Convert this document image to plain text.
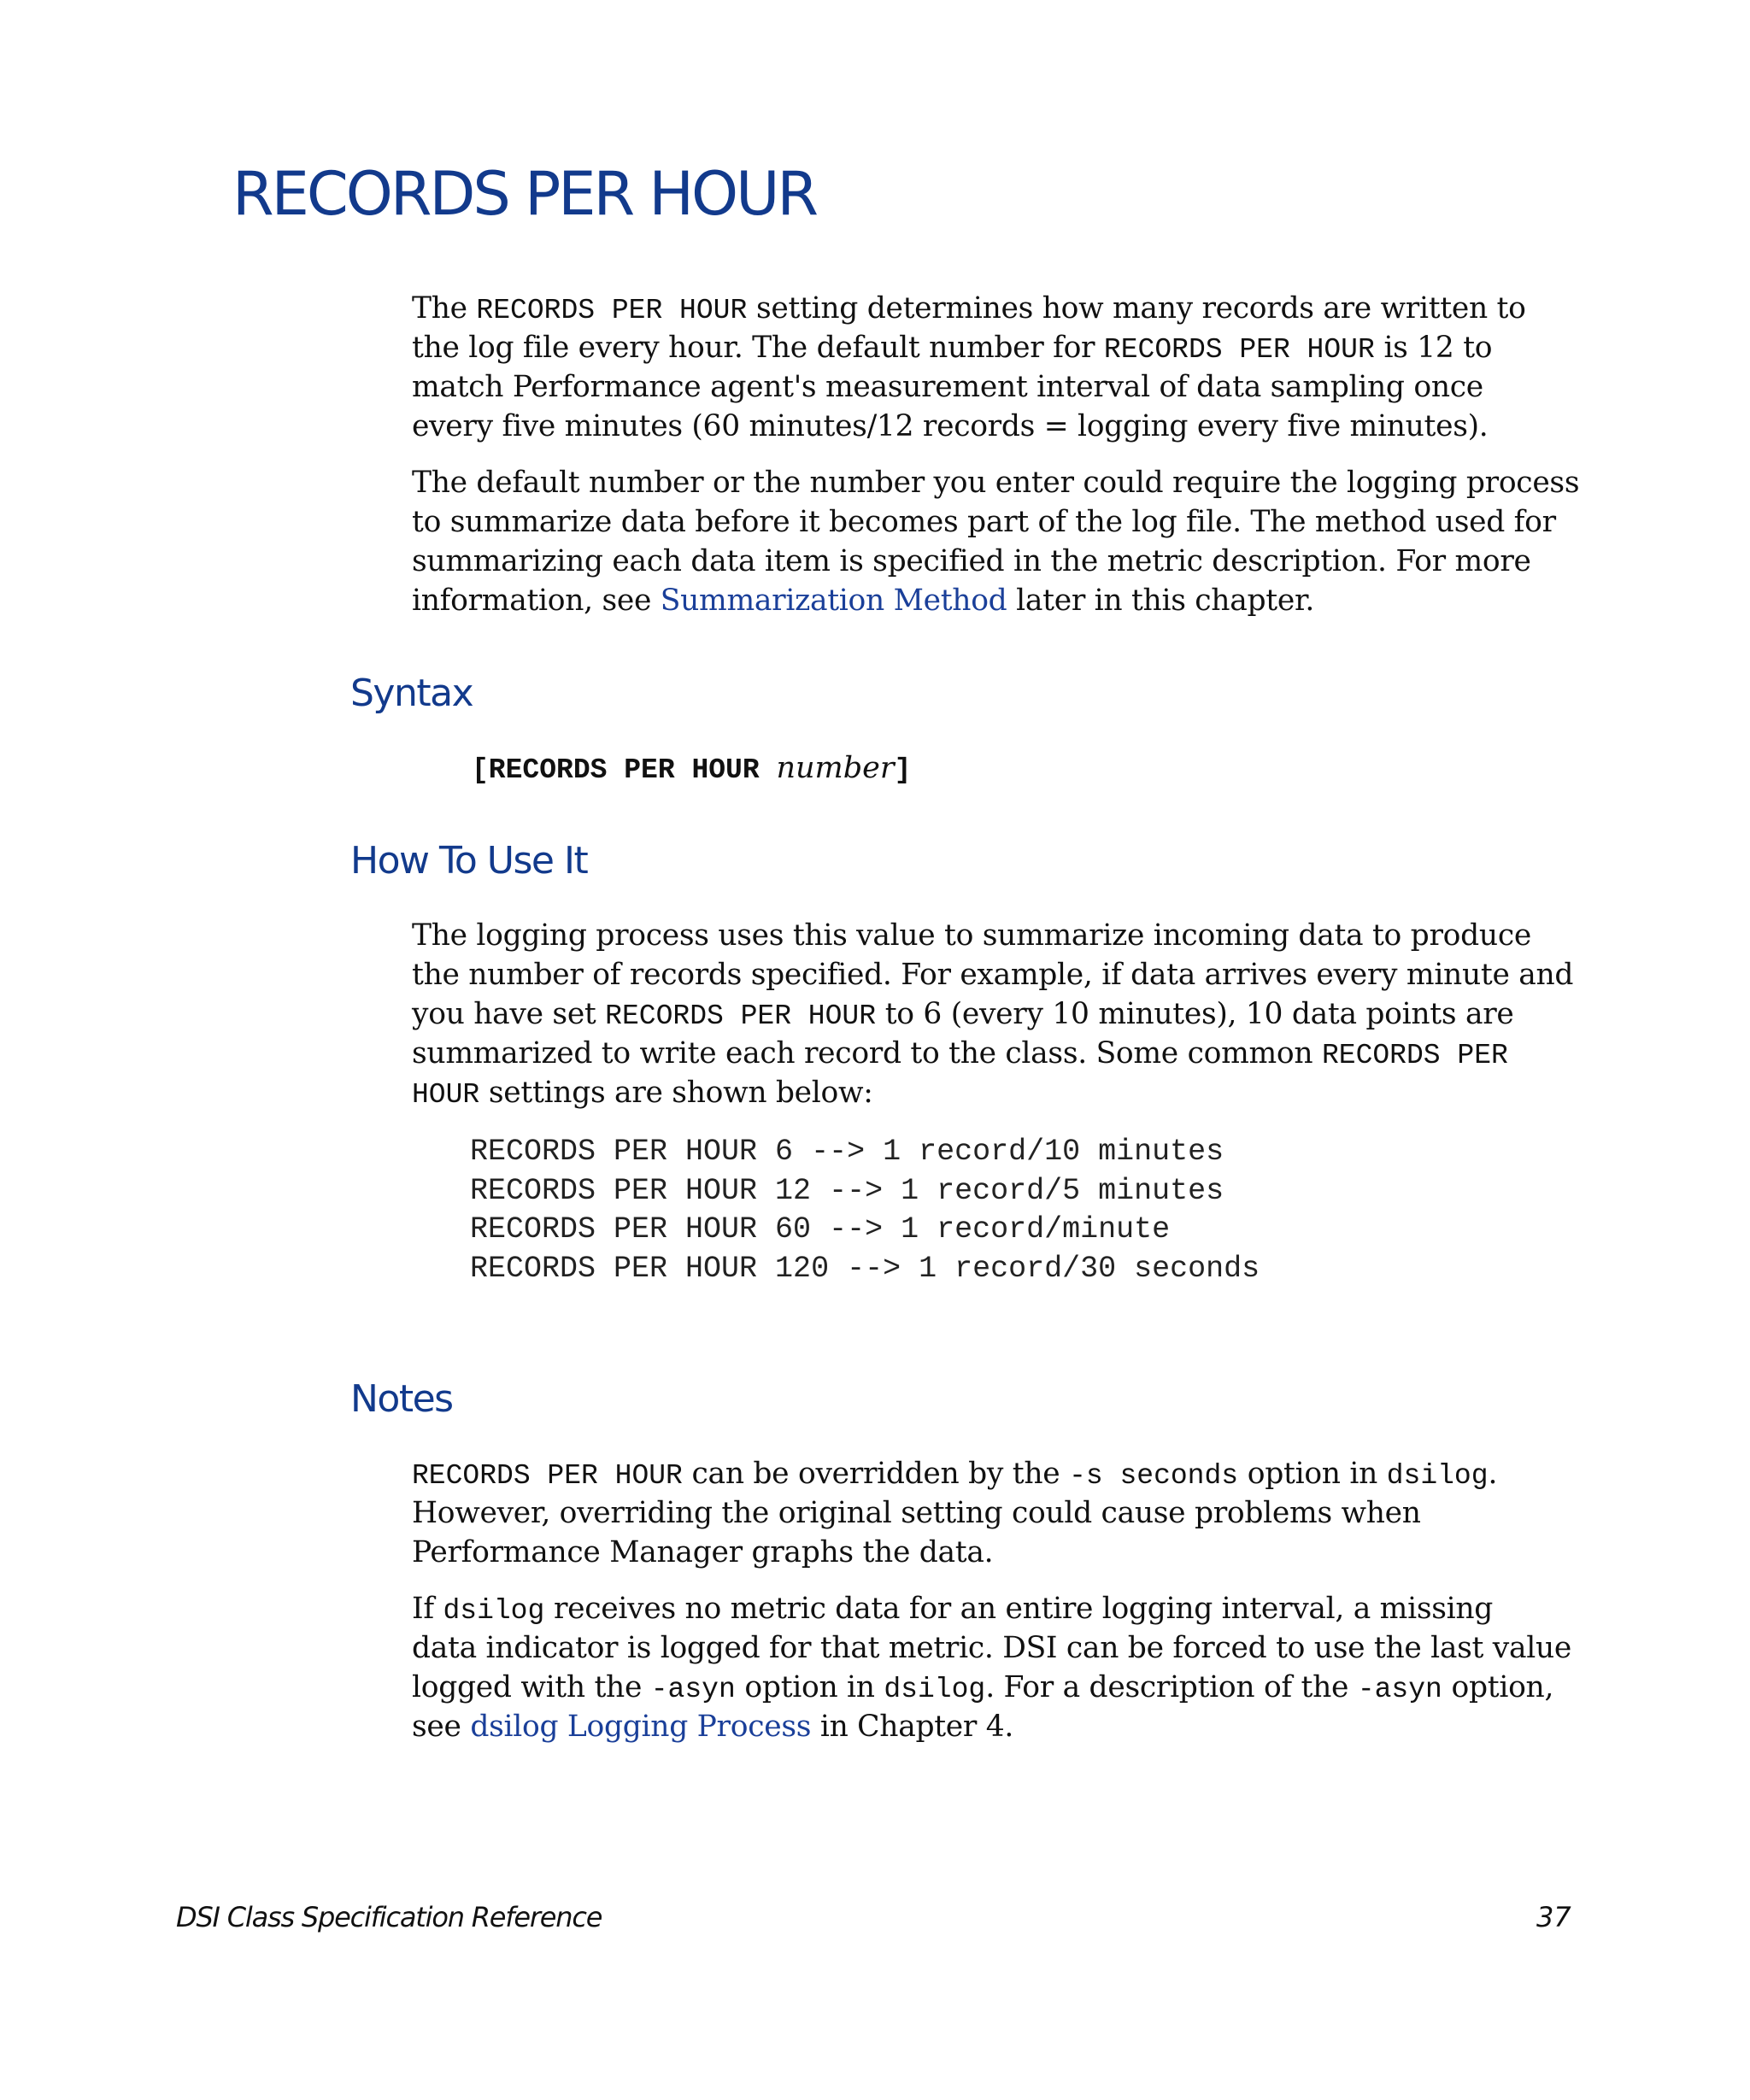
RECORDS PER HOUR
The RECORDS PER HOUR setting determines how many records are written to
the log file every hour. The default number for RECORDS PER HOUR is 12 to
match Performance agent's measurement interval of data sampling once
every five minutes (60 minutes/12 records = logging every five minutes).
The default number or the number you enter could require the logging process
to summarize data before it becomes part of the log file. The method used for
summarizing each data item is specified in the metric description. For more
information, see Summarization Method later in this chapter.
Syntax
[RECORDS PER HOUR number]
How To Use It
The logging process uses this value to summarize incoming data to produce
the number of records specified. For example, if data arrives every minute and
you have set RECORDS PER HOUR to 6 (every 10 minutes), 10 data points are
summarized to write each record to the class. Some common RECORDS PER
HOUR settings are shown below:
RECORDS PER HOUR 6 --> 1 record/10 minutes
RECORDS PER HOUR 12 --> 1 record/5 minutes
RECORDS PER HOUR 60 --> 1 record/minute
RECORDS PER HOUR 120 --> 1 record/30 seconds
Notes
RECORDS PER HOUR can be overridden by the -s seconds option in dsilog.
However, overriding the original setting could cause problems when
Performance Manager graphs the data.
If dsilog receives no metric data for an entire logging interval, a missing
data indicator is logged for that metric. DSI can be forced to use the last value
logged with the -asyn option in dsilog. For a description of the -asyn option,
see dsilog Logging Process in Chapter 4.
DSI Class Specification Reference	37
